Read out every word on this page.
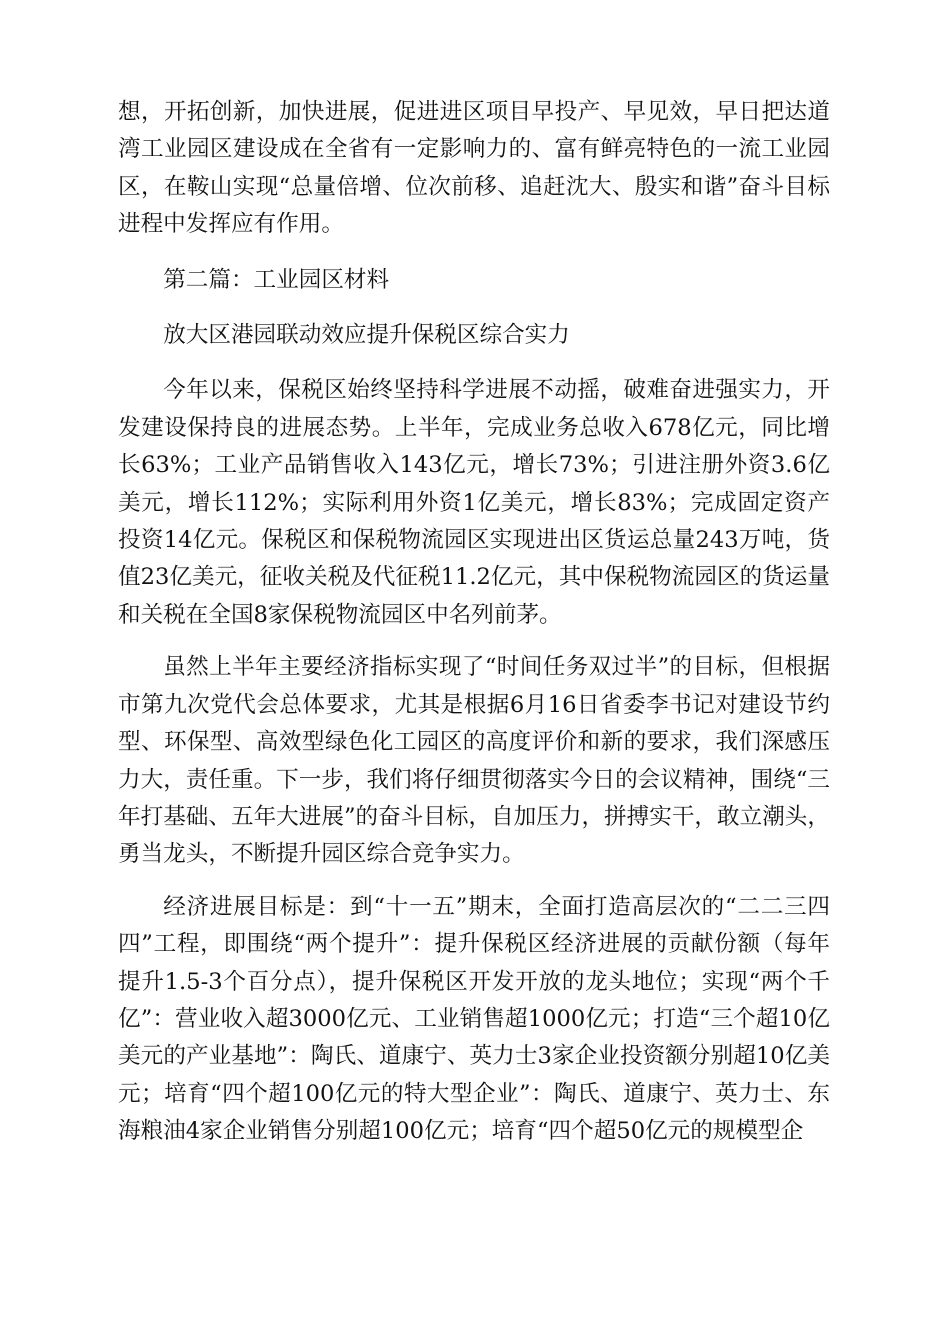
想，开拓创新，加快进展，促进进区项目早投产、早见效，早日把达道湾工业园区建设成在全省有一定影响力的、富有鲜亮特色的一流工业园区，在鞍山实现“总量倍增、位次前移、追赶沈大、殷实和谐”奋斗目标进程中发挥应有作用。

第二篇：工业园区材料

放大区港园联动效应提升保税区综合实力

今年以来，保税区始终坚持科学进展不动摇，破难奋进强实力，开发建设保持良的进展态势。上半年，完成业务总收入678亿元，同比增长63%；工业产品销售收入143亿元，增长73%；引进注册外资3.6亿美元，增长112%；实际利用外资1亿美元，增长83%；完成固定资产投资14亿元。保税区和保税物流园区实现进出区货运总量243万吨，货值23亿美元，征收关税及代征税11.2亿元，其中保税物流园区的货运量和关税在全国8家保税物流园区中名列前茅。

虽然上半年主要经济指标实现了“时间任务双过半”的目标，但根据市第九次党代会总体要求，尤其是根据6月16日省委李书记对建设节约型、环保型、高效型绿色化工园区的高度评价和新的要求，我们深感压力大，责任重。下一步，我们将仔细贯彻落实今日的会议精神，围绕“三年打基础、五年大进展”的奋斗目标，自加压力，拼搏实干，敢立潮头，勇当龙头，不断提升园区综合竞争实力。

经济进展目标是：到“十一五”期末，全面打造高层次的“二二三四四”工程，即围绕“两个提升”：提升保税区经济进展的贡献份额（每年提升1.5-3个百分点），提升保税区开发开放的龙头地位；实现“两个千亿”：营业收入超3000亿元、工业销售超1000亿元；打造“三个超10亿美元的产业基地”：陶氏、道康宁、英力士3家企业投资额分别超10亿美元；培育“四个超100亿元的特大型企业”：陶氏、道康宁、英力士、东海粮油4家企业销售分别超100亿元；培育“四个超50亿元的规模型企
